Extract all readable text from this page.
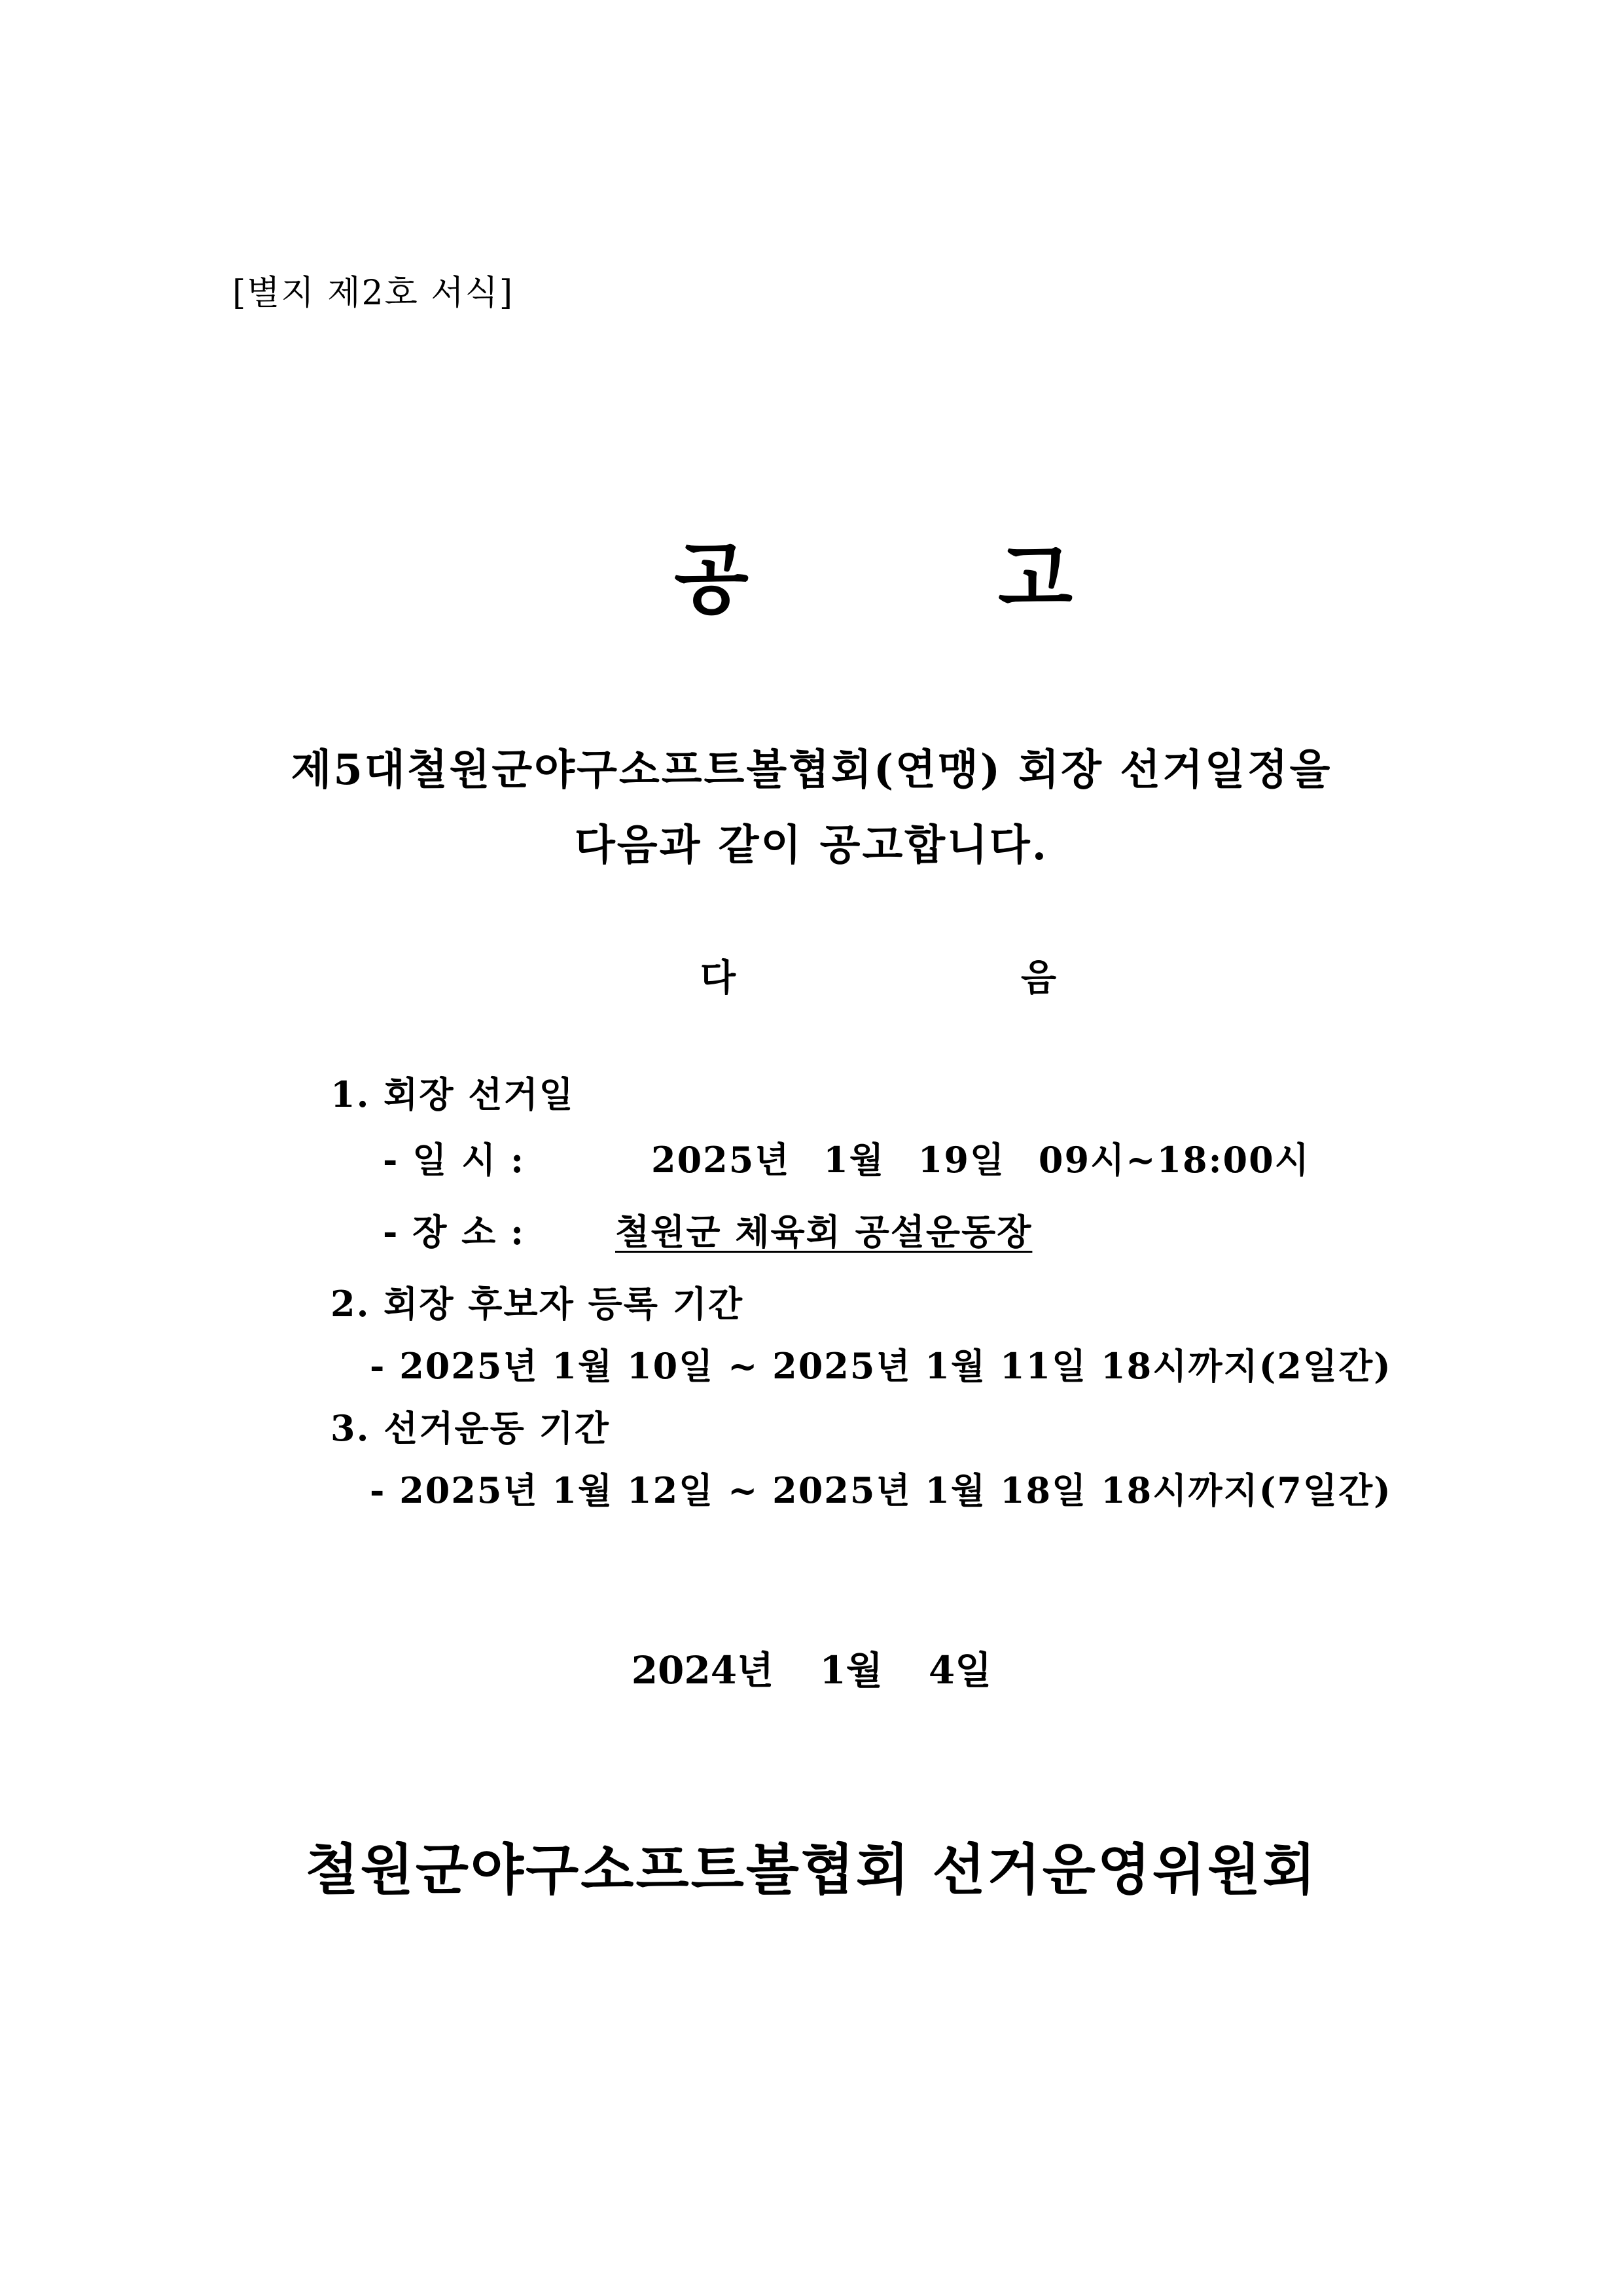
[별지 제2호 서식]
공	고
제5대철원군야구소프트볼협회(연맹) 회장 선거일정을
다음과 같이 공고합니다.
다	음
1. 회장 선거일
- 일 시 :	2025년 1월 19일 09시~18:00시
- 장 소 :	철원군 체육회 공설운동장
2. 회장 후보자 등록 기간
- 2025년 1월 10일 ~ 2025년 1월 11일 18시까지(2일간)
3. 선거운동 기간
- 2025년 1월 12일 ~ 2025년 1월 18일 18시까지(7일간)
2024년 1월 4일
철원군야구소프트볼협회 선거운영위원회
